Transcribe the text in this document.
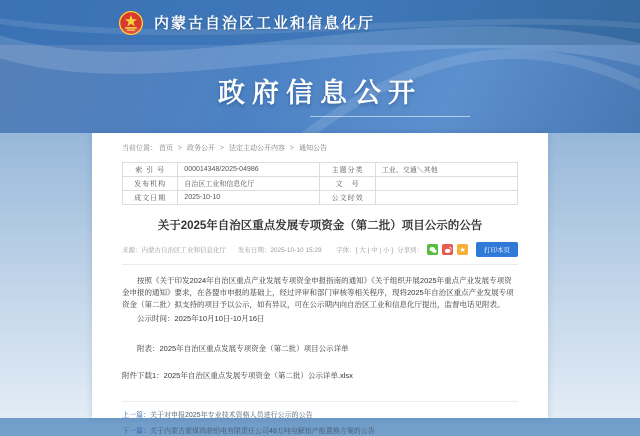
内蒙古自治区工业和信息化厅
政府信息公开
当前位置： 首页 > 政务公开 > 法定主动公开内容 > 通知公告
索 引 号	000014348/2025-04986	主题分类	工业、交通＼其他
发布机构	自治区工业和信息化厅	文　号	
成文日期	2025-10-10	公文时效	
关于2025年自治区重点发展专项资金（第二批）项目公示的公告
来源：内蒙古自治区工业和信息化厅 发布日期：2025-10-10 15:29	字体：[ 大 | 中 | 小 ] 分享到：	★	打印本页

按照《关于印发2024年自治区重点产业发展专项资金申报指南的通知》《关于组织开展2025年重点产业发展专项资金申报的通知》要求，在各盟市申报的基础上，经过评审和部门审核等相关程序，现将2025年自治区重点产业发展专项资金（第二批）拟支持的项目予以公示，如有异议，可在公示期内向自治区工业和信息化厅提出，监督电话见附表。

公示时间：2025年10月10日-10月16日

附表：2025年自治区重点发展专项资金（第二批）项目公示详单
附件下载1：2025年自治区重点发展专项资金（第二批）公示详单.xlsx
上一篇：关于对申报2025年专业技术资格人员进行公示的公告
下一篇：关于内蒙古霍煤鸿骏铝电有限责任公司48万吨电解铝产能置换方案的公告
